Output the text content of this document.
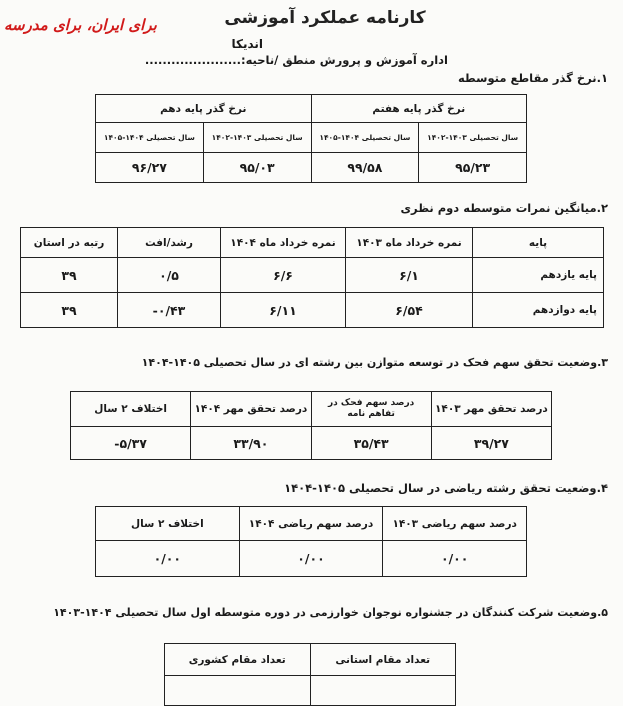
کارنامه عملکرد آموزشی
برای ایران، برای مدرسه
اندیکا
اداره آموزش و پرورش منطق /ناحیه:......................
۱.نرخ گذر مقاطع متوسطه
نرخ گذر پایه هفتم		نرخ گذر پایه دهم	
سال تحصیلی ۱۴۰۳-۱۴۰۲	سال تحصیلی ۱۴۰۴-۱۴۰۵	سال تحصیلی ۱۴۰۳-۱۴۰۲	سال تحصیلی ۱۴۰۴-۱۴۰۵
۹۵/۲۳	۹۹/۵۸	۹۵/۰۳	۹۶/۲۷
۲.میانگین نمرات متوسطه دوم نظری
پایه	نمره خرداد ماه ۱۴۰۳	نمره خرداد ماه ۱۴۰۴	رشد/افت	رتبه در استان
پایه یازدهم	۶/۱	۶/۶	۰/۵	۳۹
پایه دوازدهم	۶/۵۴	۶/۱۱	-۰/۴۳	۳۹
۳.وضعیت تحقق سهم فحک در توسعه متوازن بین رشته ای در سال تحصیلی ۱۴۰۵-۱۴۰۴
درصد تحقق مهر ۱۴۰۳	درصد سهم فحک در تفاهم نامه	درصد تحقق مهر ۱۴۰۴	اختلاف ۲ سال
۳۹/۲۷	۳۵/۴۳	۳۳/۹۰	-۵/۳۷
۴.وضعیت تحقق رشته ریاضی در سال تحصیلی ۱۴۰۵-۱۴۰۴
درصد سهم ریاضی ۱۴۰۳	درصد سهم ریاضی ۱۴۰۴	اختلاف ۲ سال
۰/۰۰	۰/۰۰	۰/۰۰
۵.وضعیت شرکت کنندگان در جشنواره نوجوان خوارزمی در دوره متوسطه اول سال تحصیلی ۱۴۰۴-۱۴۰۳
تعداد مقام استانی	تعداد مقام کشوری
